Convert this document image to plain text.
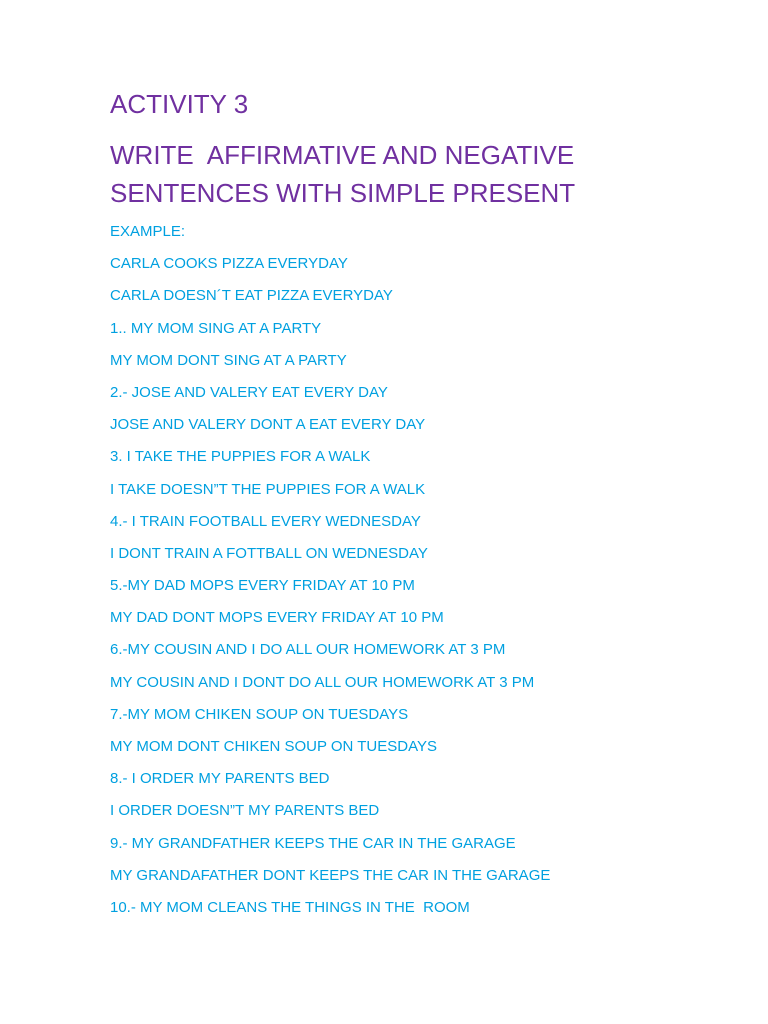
ACTIVITY 3
WRITE  AFFIRMATIVE AND NEGATIVE
SENTENCES WITH SIMPLE PRESENT
EXAMPLE:
CARLA COOKS PIZZA EVERYDAY
CARLA DOESN´T EAT PIZZA EVERYDAY
1.. MY MOM SING AT A PARTY
MY MOM DONT SING AT A PARTY
2.- JOSE AND VALERY EAT EVERY DAY
JOSE AND VALERY DONT A EAT EVERY DAY
3. I TAKE THE PUPPIES FOR A WALK
I TAKE DOESN”T THE PUPPIES FOR A WALK
4.- I TRAIN FOOTBALL EVERY WEDNESDAY
I DONT TRAIN A FOTTBALL ON WEDNESDAY
5.-MY DAD MOPS EVERY FRIDAY AT 10 PM
MY DAD DONT MOPS EVERY FRIDAY AT 10 PM
6.-MY COUSIN AND I DO ALL OUR HOMEWORK AT 3 PM
MY COUSIN AND I DONT DO ALL OUR HOMEWORK AT 3 PM
7.-MY MOM CHIKEN SOUP ON TUESDAYS
MY MOM DONT CHIKEN SOUP ON TUESDAYS
8.- I ORDER MY PARENTS BED
I ORDER DOESN”T MY PARENTS BED
9.- MY GRANDFATHER KEEPS THE CAR IN THE GARAGE
MY GRANDAFATHER DONT KEEPS THE CAR IN THE GARAGE
10.- MY MOM CLEANS THE THINGS IN THE  ROOM
